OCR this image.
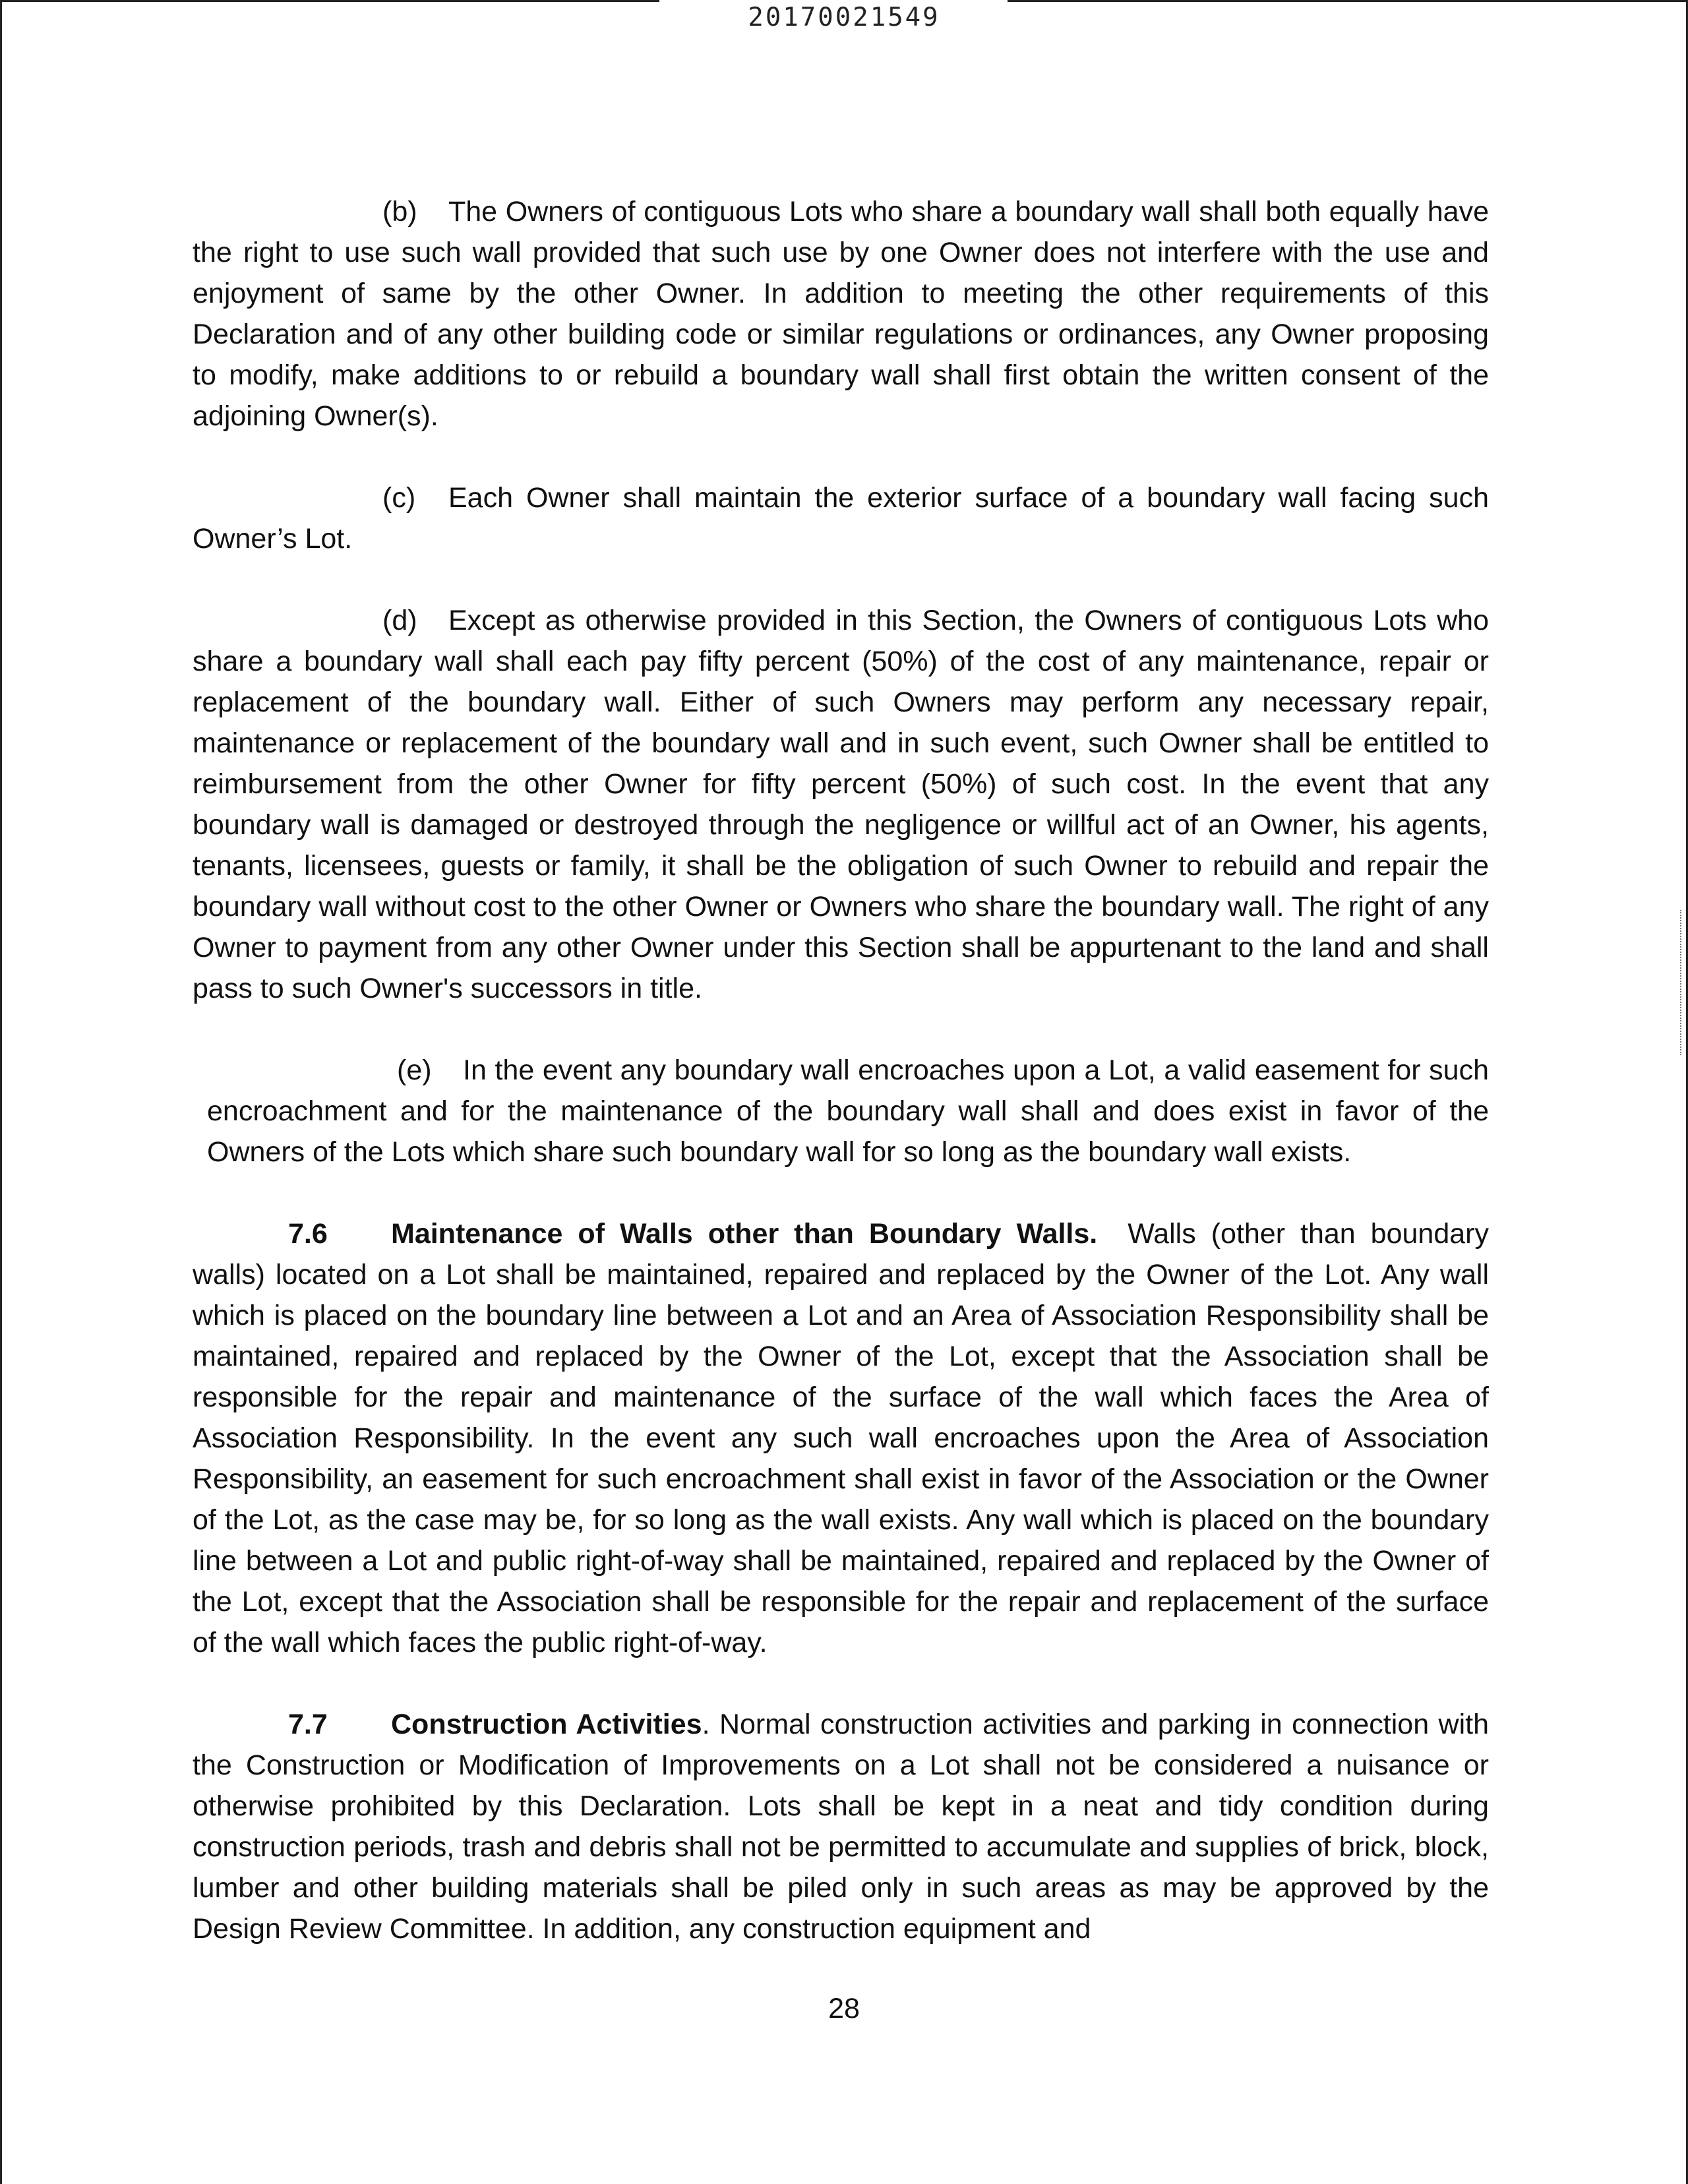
20170021549

(b) The Owners of contiguous Lots who share a boundary wall shall both equally have the right to use such wall provided that such use by one Owner does not interfere with the use and enjoyment of same by the other Owner. In addition to meeting the other requirements of this Declaration and of any other building code or similar regulations or ordinances, any Owner proposing to modify, make additions to or rebuild a boundary wall shall first obtain the written consent of the adjoining Owner(s).

(c) Each Owner shall maintain the exterior surface of a boundary wall facing such Owner’s Lot.

(d) Except as otherwise provided in this Section, the Owners of contiguous Lots who share a boundary wall shall each pay fifty percent (50%) of the cost of any maintenance, repair or replacement of the boundary wall. Either of such Owners may perform any necessary repair, maintenance or replacement of the boundary wall and in such event, such Owner shall be entitled to reimbursement from the other Owner for fifty percent (50%) of such cost. In the event that any boundary wall is damaged or destroyed through the negligence or willful act of an Owner, his agents, tenants, licensees, guests or family, it shall be the obligation of such Owner to rebuild and repair the boundary wall without cost to the other Owner or Owners who share the boundary wall. The right of any Owner to payment from any other Owner under this Section shall be appurtenant to the land and shall pass to such Owner's successors in title.

(e) In the event any boundary wall encroaches upon a Lot, a valid easement for such encroachment and for the maintenance of the boundary wall shall and does exist in favor of the Owners of the Lots which share such boundary wall for so long as the boundary wall exists.

7.6 Maintenance of Walls other than Boundary Walls. Walls (other than boundary walls) located on a Lot shall be maintained, repaired and replaced by the Owner of the Lot. Any wall which is placed on the boundary line between a Lot and an Area of Association Responsibility shall be maintained, repaired and replaced by the Owner of the Lot, except that the Association shall be responsible for the repair and maintenance of the surface of the wall which faces the Area of Association Responsibility. In the event any such wall encroaches upon the Area of Association Responsibility, an easement for such encroachment shall exist in favor of the Association or the Owner of the Lot, as the case may be, for so long as the wall exists. Any wall which is placed on the boundary line between a Lot and public right-of-way shall be maintained, repaired and replaced by the Owner of the Lot, except that the Association shall be responsible for the repair and replacement of the surface of the wall which faces the public right-of-way.

7.7 Construction Activities. Normal construction activities and parking in connection with the Construction or Modification of Improvements on a Lot shall not be considered a nuisance or otherwise prohibited by this Declaration. Lots shall be kept in a neat and tidy condition during construction periods, trash and debris shall not be permitted to accumulate and supplies of brick, block, lumber and other building materials shall be piled only in such areas as may be approved by the Design Review Committee. In addition, any construction equipment and

28
